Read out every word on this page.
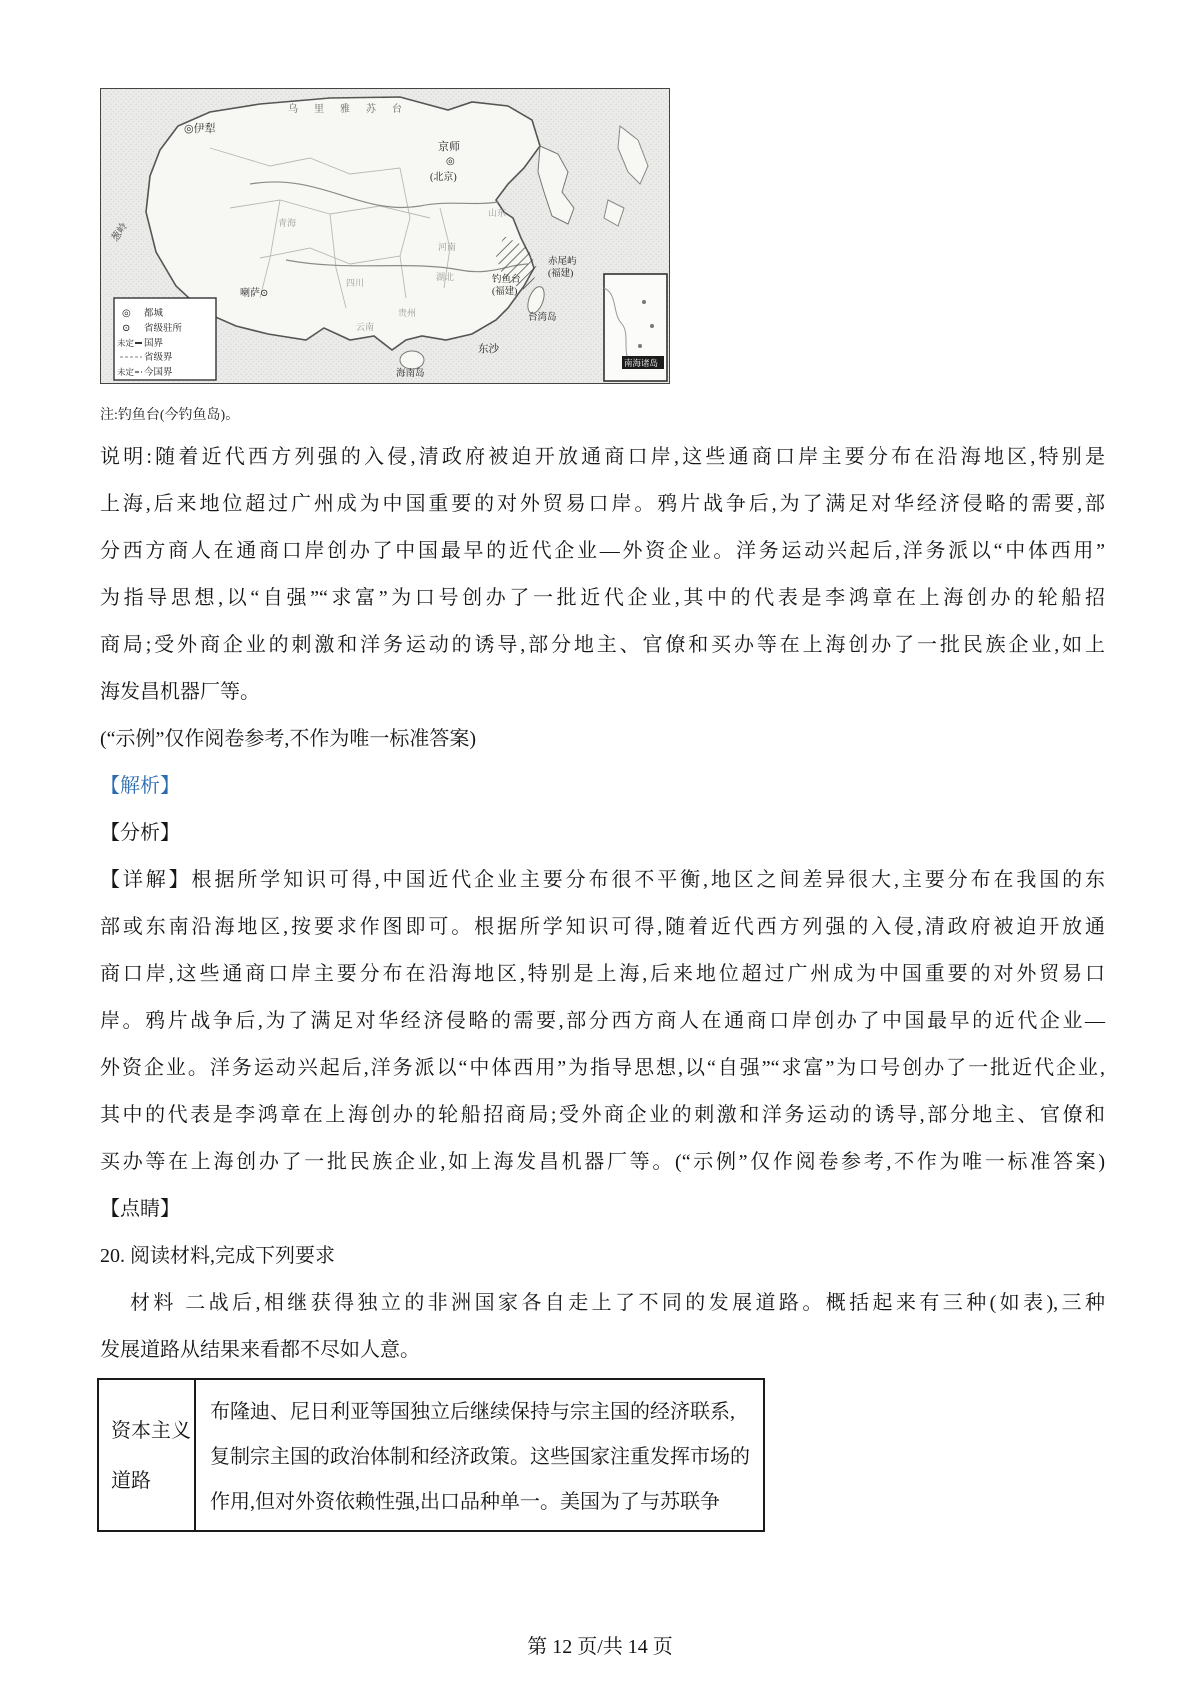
乌里雅苏台
◎伊犁
葱岭
京师
◎
(北京)
喇萨⊙
青海
四川
河南
山东
湖北
贵州
云南
钓鱼台
(福建)
赤尾屿
(福建)
台湾岛
东沙
海南岛
◎ 都城
⊙ 省级驻所
未定 国界
省级界
未定 今国界
南海诸岛
注:钓鱼台(今钓鱼岛)。
说明:随着近代西方列强的入侵,清政府被迫开放通商口岸,这些通商口岸主要分布在沿海地区,特别是
上海,后来地位超过广州成为中国重要的对外贸易口岸。鸦片战争后,为了满足对华经济侵略的需要,部
分西方商人在通商口岸创办了中国最早的近代企业—外资企业。洋务运动兴起后,洋务派以“中体西用”
为指导思想,以“自强”“求富”为口号创办了一批近代企业,其中的代表是李鸿章在上海创办的轮船招
商局;受外商企业的刺激和洋务运动的诱导,部分地主、官僚和买办等在上海创办了一批民族企业,如上
海发昌机器厂等。
(“示例”仅作阅卷参考,不作为唯一标准答案)
【解析】
【分析】
【详解】根据所学知识可得,中国近代企业主要分布很不平衡,地区之间差异很大,主要分布在我国的东
部或东南沿海地区,按要求作图即可。根据所学知识可得,随着近代西方列强的入侵,清政府被迫开放通
商口岸,这些通商口岸主要分布在沿海地区,特别是上海,后来地位超过广州成为中国重要的对外贸易口
岸。鸦片战争后,为了满足对华经济侵略的需要,部分西方商人在通商口岸创办了中国最早的近代企业—
外资企业。洋务运动兴起后,洋务派以“中体西用”为指导思想,以“自强”“求富”为口号创办了一批近代企业,
其中的代表是李鸿章在上海创办的轮船招商局;受外商企业的刺激和洋务运动的诱导,部分地主、官僚和
买办等在上海创办了一批民族企业,如上海发昌机器厂等。(“示例”仅作阅卷参考,不作为唯一标准答案)
【点睛】
20. 阅读材料,完成下列要求
材料 二战后,相继获得独立的非洲国家各自走上了不同的发展道路。概括起来有三种(如表),三种
发展道路从结果来看都不尽如人意。
资本主义
道路
布隆迪、尼日利亚等国独立后继续保持与宗主国的经济联系,
复制宗主国的政治体制和经济政策。这些国家注重发挥市场的
作用,但对外资依赖性强,出口品种单一。美国为了与苏联争
第 12 页/共 14 页
